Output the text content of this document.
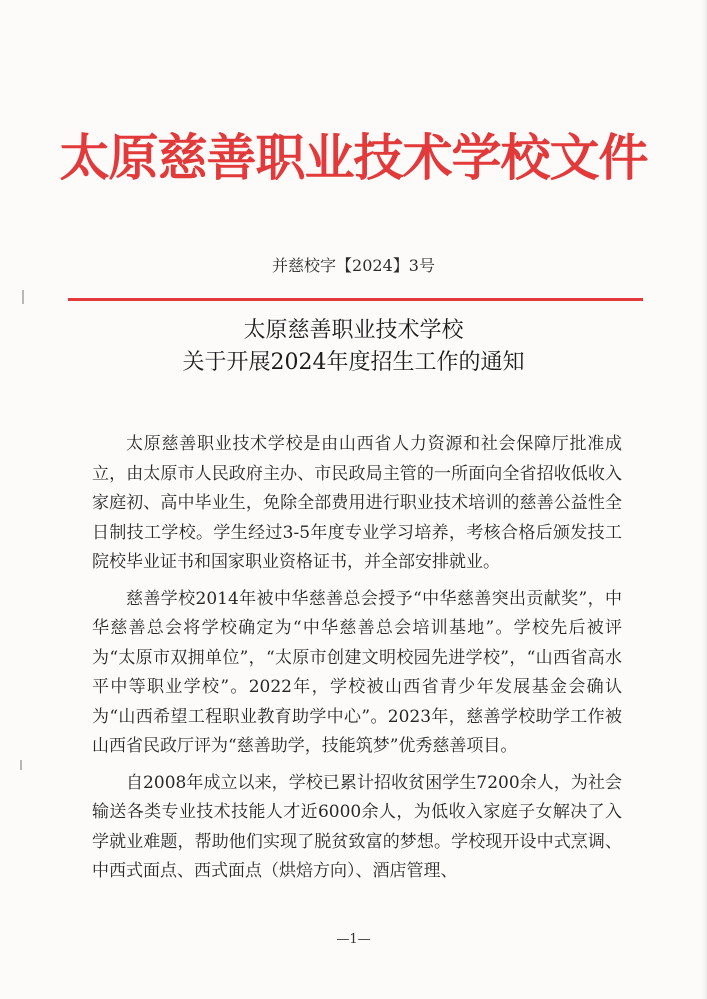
太原慈善职业技术学校文件
并慈校字【2024】3号
太原慈善职业技术学校
关于开展2024年度招生工作的通知

太原慈善职业技术学校是由山西省人力资源和社会保障厅批准成立，由太原市人民政府主办、市民政局主管的一所面向全省招收低收入家庭初、高中毕业生，免除全部费用进行职业技术培训的慈善公益性全日制技工学校。学生经过3-5年度专业学习培养，考核合格后颁发技工院校毕业证书和国家职业资格证书，并全部安排就业。

慈善学校2014年被中华慈善总会授予“中华慈善突出贡献奖”，中华慈善总会将学校确定为“中华慈善总会培训基地”。学校先后被评为“太原市双拥单位”，“太原市创建文明校园先进学校”，“山西省高水平中等职业学校”。2022年，学校被山西省青少年发展基金会确认为“山西希望工程职业教育助学中心”。2023年，慈善学校助学工作被山西省民政厅评为“慈善助学，技能筑梦”优秀慈善项目。

自2008年成立以来，学校已累计招收贫困学生7200余人，为社会输送各类专业技术技能人才近6000余人，为低收入家庭子女解决了入学就业难题，帮助他们实现了脱贫致富的梦想。学校现开设中式烹调、中西式面点、西式面点（烘焙方向）、酒店管理、

—1—
